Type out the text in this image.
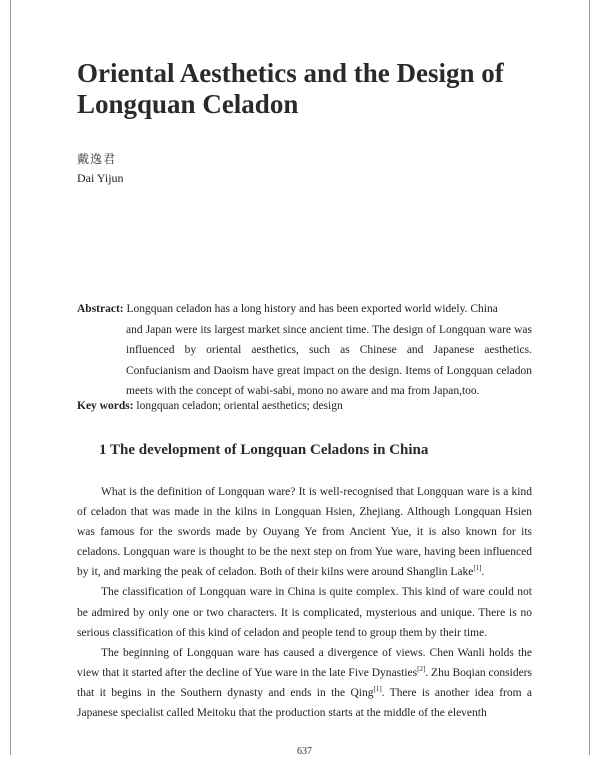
Oriental Aesthetics and the Design of Longquan Celadon
戴逸君
Dai Yijun
Abstract: Longquan celadon has a long history and has been exported world widely. China
and Japan were its largest market since ancient time. The design of Longquan ware was influenced by oriental aesthetics, such as Chinese and Japanese aesthetics. Confucianism and Daoism have great impact on the design. Items of Longquan celadon meets with the concept of wabi-sabi, mono no aware and ma from Japan,too.
Key words: longquan celadon; oriental aesthetics; design
1 The development of Longquan Celadons in China

What is the definition of Longquan ware? It is well-recognised that Longquan ware is a kind of celadon that was made in the kilns in Longquan Hsien, Zhejiang. Although Longquan Hsien was famous for the swords made by Ouyang Ye from Ancient Yue, it is also known for its celadons. Longquan ware is thought to be the next step on from Yue ware, having been influenced by it, and marking the peak of celadon. Both of their kilns were around Shanglin Lake[1].

The classification of Longquan ware in China is quite complex. This kind of ware could not be admired by only one or two characters. It is complicated, mysterious and unique. There is no serious classification of this kind of celadon and people tend to group them by their time.

The beginning of Longquan ware has caused a divergence of views. Chen Wanli holds the view that it started after the decline of Yue ware in the late Five Dynasties[2]. Zhu Boqian considers that it begins in the Southern dynasty and ends in the Qing[1]. There is another idea from a Japanese specialist called Meitoku that the production starts at the middle of the eleventh

637
